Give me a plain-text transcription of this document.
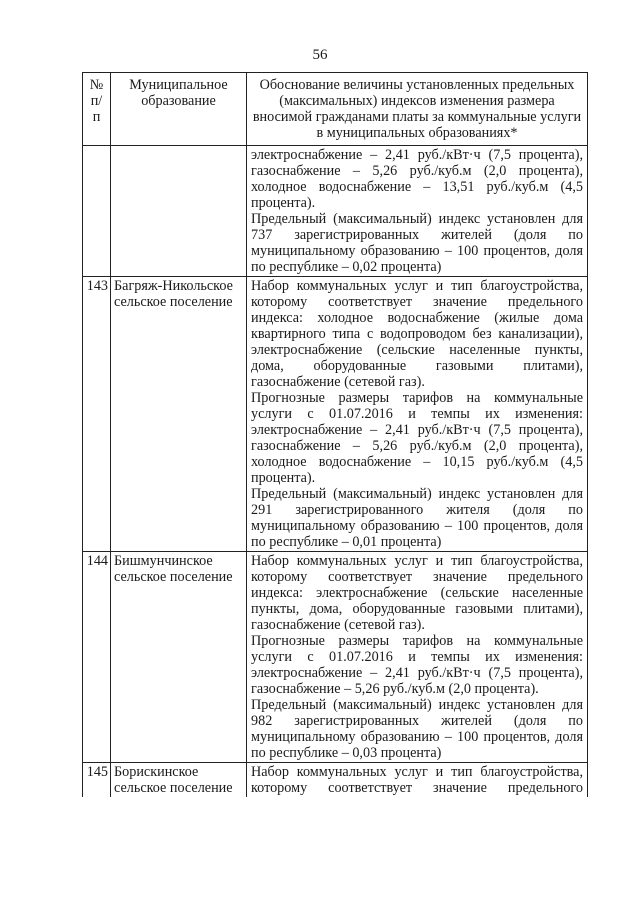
56
№ п/п	Муниципальное образование	Обоснование величины установленных предельных (максимальных) индексов изменения размера вносимой гражданами платы за коммунальные услуги в муниципальных образованиях*

		электроснабжение – 2,41 руб./кВт·ч (7,5 процента), газоснабжение – 5,26 руб./куб.м (2,0 процента), холодное водоснабжение – 13,51 руб./куб.м (4,5 процента).
Предельный (максимальный) индекс установлен для 737 зарегистрированных жителей (доля по муниципальному образованию – 100 процентов, доля по республике – 0,02 процента)

143	Багряж-Никольское сельское поселение	Набор коммунальных услуг и тип благоустройства, которому соответствует значение предельного индекса: холодное водоснабжение (жилые дома квартирного типа с водопроводом без канализации), электроснабжение (сельские населенные пункты, дома, оборудованные газовыми плитами), газоснабжение (сетевой газ).
Прогнозные размеры тарифов на коммунальные услуги с 01.07.2016 и темпы их изменения: электроснабжение – 2,41 руб./кВт·ч (7,5 процента), газоснабжение – 5,26 руб./куб.м (2,0 процента), холодное водоснабжение – 10,15 руб./куб.м (4,5 процента).
Предельный (максимальный) индекс установлен для 291 зарегистрированного жителя (доля по муниципальному образованию – 100 процентов, доля по республике – 0,01 процента)

144	Бишмунчинское сельское поселение	Набор коммунальных услуг и тип благоустройства, которому соответствует значение предельного индекса: электроснабжение (сельские населенные пункты, дома, оборудованные газовыми плитами), газоснабжение (сетевой газ).
Прогнозные размеры тарифов на коммунальные услуги с 01.07.2016 и темпы их изменения: электроснабжение – 2,41 руб./кВт·ч (7,5 процента), газоснабжение – 5,26 руб./куб.м (2,0 процента).
Предельный (максимальный) индекс установлен для 982 зарегистрированных жителей (доля по муниципальному образованию – 100 процентов, доля по республике – 0,03 процента)

145	Борискинское сельское поселение	Набор коммунальных услуг и тип благоустройства, которому соответствует значение предельного
